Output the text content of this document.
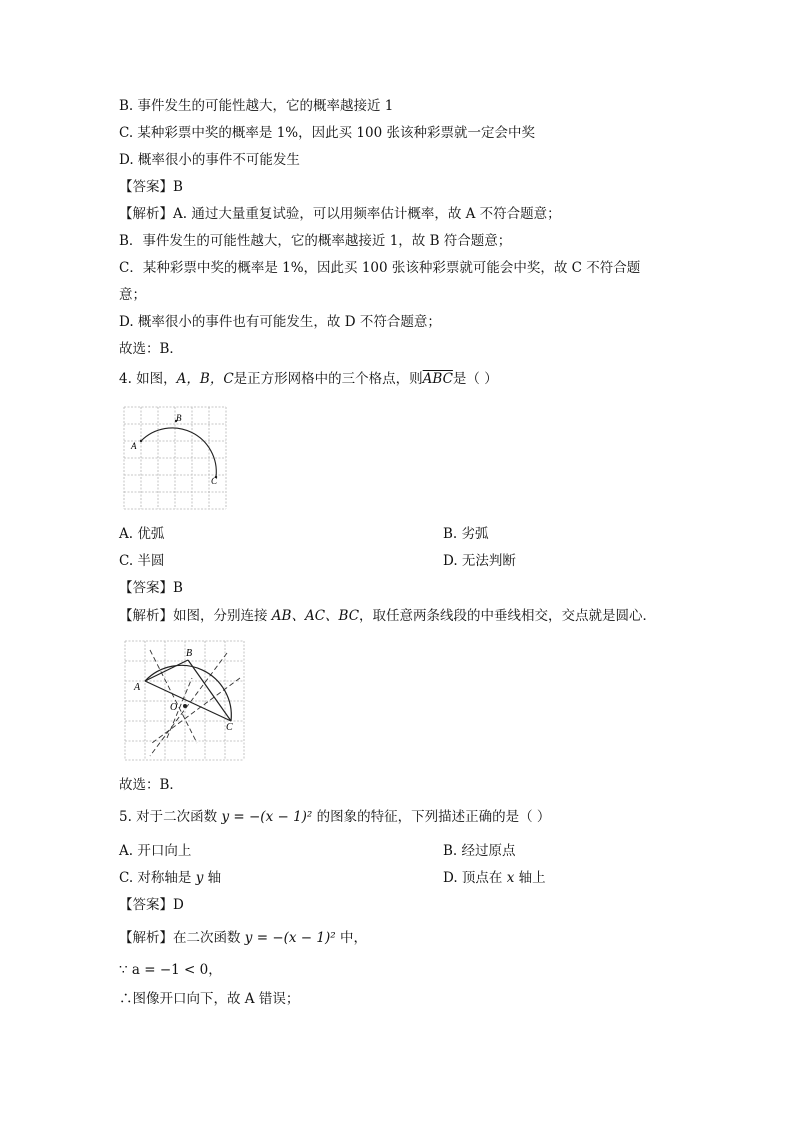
B. 事件发生的可能性越大，它的概率越接近 1
C. 某种彩票中奖的概率是 1%，因此买 100 张该种彩票就一定会中奖
D. 概率很小的事件不可能发生
【答案】B
【解析】A. 通过大量重复试验，可以用频率估计概率，故 A 不符合题意；
B．事件发生的可能性越大，它的概率越接近 1，故 B 符合题意；
C．某种彩票中奖的概率是 1%，因此买 100 张该种彩票就可能会中奖，故 C 不符合题
意；
D. 概率很小的事件也有可能发生，故 D 不符合题意；
故选：B．
4. 如图，A，B，C是正方形网格中的三个格点，则$\overline{ABC}$是（ ）
A
B
C
A. 优弧	B. 劣弧
C. 半圆	D. 无法判断
【答案】B
【解析】如图，分别连接 AB、AC、BC，取任意两条线段的中垂线相交，交点就是圆心．
A
B
C
O
故选：B．
5. 对于二次函数 y = −(x − 1)² 的图象的特征，下列描述正确的是（ ）
A. 开口向上	B. 经过原点
C. 对称轴是 y 轴	D. 顶点在 x 轴上
【答案】D
【解析】在二次函数 y = −(x − 1)² 中，
∵ a = −1 < 0，
∴图像开口向下，故 A 错误；
